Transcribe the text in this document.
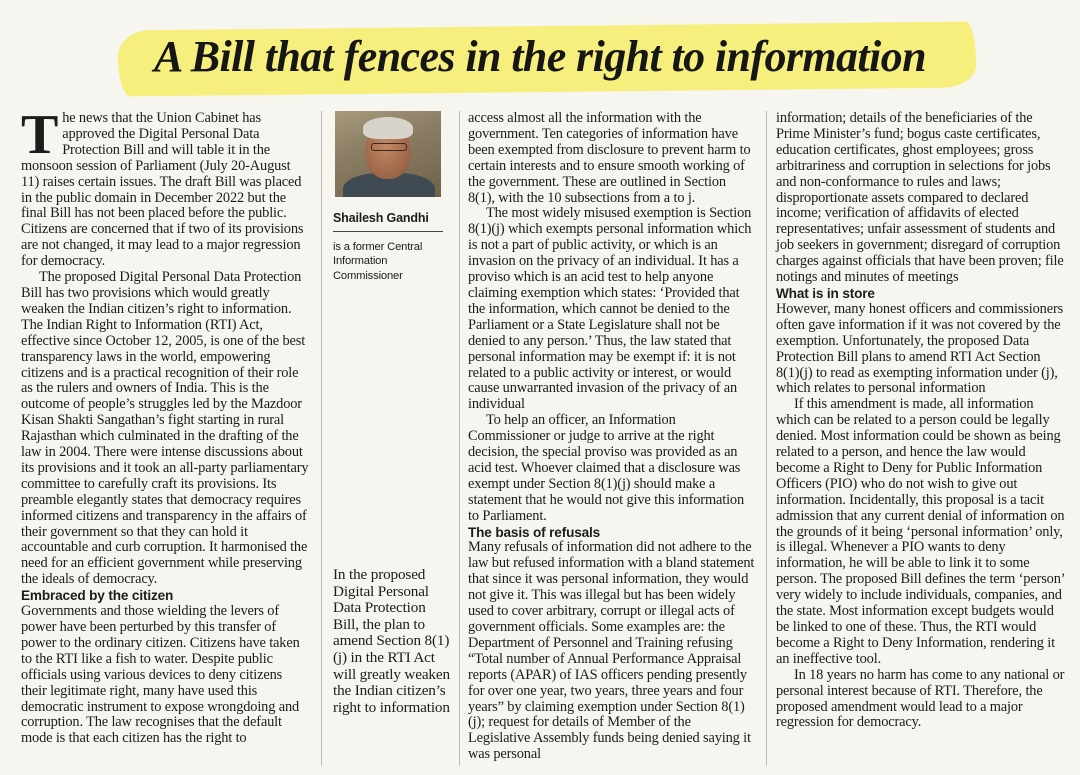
A Bill that fences in the right to information

The news that the Union Cabinet has approved the Digital Personal Data Protection Bill and will table it in the monsoon session of Parliament (July 20-August 11) raises certain issues. The draft Bill was placed in the public domain in December 2022 but the final Bill has not been placed before the public. Citizens are concerned that if two of its provisions are not changed, it may lead to a major regression for democracy.

The proposed Digital Personal Data Protection Bill has two provisions which would greatly weaken the Indian citizen’s right to information. The Indian Right to Information (RTI) Act, effective since October 12, 2005, is one of the best transparency laws in the world, empowering citizens and is a practical recognition of their role as the rulers and owners of India. This is the outcome of people’s struggles led by the Mazdoor Kisan Shakti Sangathan’s fight starting in rural Rajasthan which culminated in the drafting of the law in 2004. There were intense discussions about its provisions and it took an all-party parliamentary committee to carefully craft its provisions. Its preamble elegantly states that democracy requires informed citizens and transparency in the affairs of their government so that they can hold it accountable and curb corruption. It harmonised the need for an efficient government while preserving the ideals of democracy.

Embraced by the citizen

Governments and those wielding the levers of power have been perturbed by this transfer of power to the ordinary citizen. Citizens have taken to the RTI like a fish to water. Despite public officials using various devices to deny citizens their legitimate right, many have used this democratic instrument to expose wrongdoing and corruption. The law recognises that the default mode is that each citizen has the right to

Shailesh Gandhi
is a former Central Information Commissioner
In the proposed Digital Personal Data Protection Bill, the plan to amend Section 8(1)(j) in the RTI Act will greatly weaken the Indian citizen’s right to information

access almost all the information with the government. Ten categories of information have been exempted from disclosure to prevent harm to certain interests and to ensure smooth working of the government. These are outlined in Section 8(1), with the 10 subsections from a to j.

The most widely misused exemption is Section 8(1)(j) which exempts personal information which is not a part of public activity, or which is an invasion on the privacy of an individual. It has a proviso which is an acid test to help anyone claiming exemption which states: ‘Provided that the information, which cannot be denied to the Parliament or a State Legislature shall not be denied to any person.’ Thus, the law stated that personal information may be exempt if: it is not related to a public activity or interest, or would cause unwarranted invasion of the privacy of an individual

To help an officer, an Information Commissioner or judge to arrive at the right decision, the special proviso was provided as an acid test. Whoever claimed that a disclosure was exempt under Section 8(1)(j) should make a statement that he would not give this information to Parliament.

The basis of refusals

Many refusals of information did not adhere to the law but refused information with a bland statement that since it was personal information, they would not give it. This was illegal but has been widely used to cover arbitrary, corrupt or illegal acts of government officials. Some examples are: the Department of Personnel and Training refusing “Total number of Annual Performance Appraisal reports (APAR) of IAS officers pending presently for over one year, two years, three years and four years” by claiming exemption under Section 8(1)(j); request for details of Member of the Legislative Assembly funds being denied saying it was personal

information; details of the beneficiaries of the Prime Minister’s fund; bogus caste certificates, education certificates, ghost employees; gross arbitrariness and corruption in selections for jobs and non-conformance to rules and laws; disproportionate assets compared to declared income; verification of affidavits of elected representatives; unfair assessment of students and job seekers in government; disregard of corruption charges against officials that have been proven; file notings and minutes of meetings

What is in store

However, many honest officers and commissioners often gave information if it was not covered by the exemption. Unfortunately, the proposed Data Protection Bill plans to amend RTI Act Section 8(1)(j) to read as exempting information under (j), which relates to personal information

If this amendment is made, all information which can be related to a person could be legally denied. Most information could be shown as being related to a person, and hence the law would become a Right to Deny for Public Information Officers (PIO) who do not wish to give out information. Incidentally, this proposal is a tacit admission that any current denial of information on the grounds of it being ‘personal information’ only, is illegal. Whenever a PIO wants to deny information, he will be able to link it to some person. The proposed Bill defines the term ‘person’ very widely to include individuals, companies, and the state. Most information except budgets would be linked to one of these. Thus, the RTI would become a Right to Deny Information, rendering it an ineffective tool.

In 18 years no harm has come to any national or personal interest because of RTI. Therefore, the proposed amendment would lead to a major regression for democracy.
